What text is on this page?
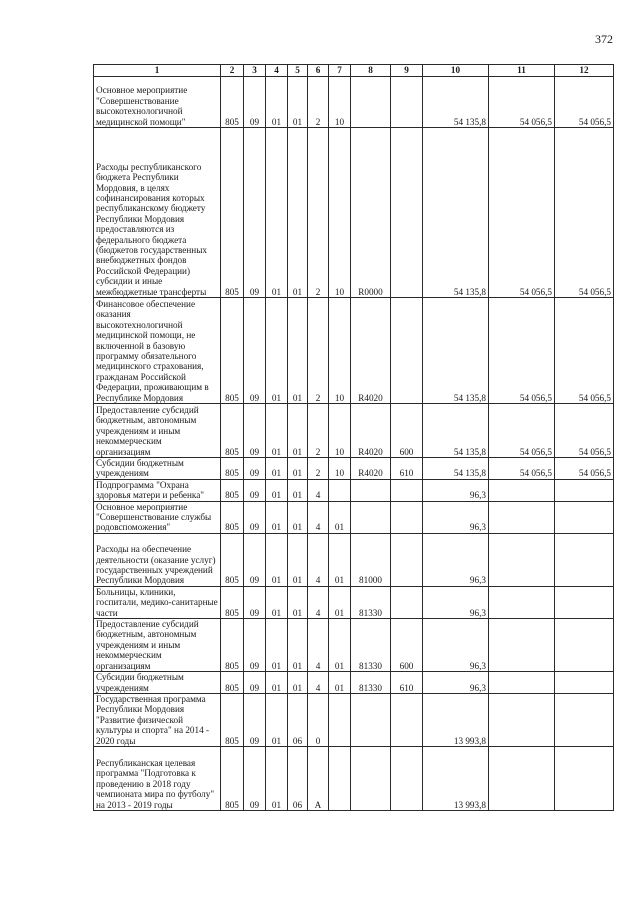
372
1	2	3	4	5	6	7	8	9	10	11	12
Основное мероприятие "Совершенствование высокотехнологичной медицинской помощи"	805	09	01	01	2	10			54 135,8	54 056,5	54 056,5
Расходы республиканского бюджета Республики Мордовия, в целях софинансирования которых республиканскому бюджету Республики Мордовия предоставляются из федерального бюджета (бюджетов государственных внебюджетных фондов Российской Федерации) субсидии и иные межбюджетные трансферты	805	09	01	01	2	10	R0000		54 135,8	54 056,5	54 056,5
Финансовое обеспечение оказания высокотехнологичной медицинской помощи, не включенной в базовую программу обязательного медицинского страхования, гражданам Российской Федерации, проживающим в Республике Мордовия	805	09	01	01	2	10	R4020		54 135,8	54 056,5	54 056,5
Предоставление субсидий бюджетным, автономным учреждениям и иным некоммерческим организациям	805	09	01	01	2	10	R4020	600	54 135,8	54 056,5	54 056,5
Субсидии бюджетным учреждениям	805	09	01	01	2	10	R4020	610	54 135,8	54 056,5	54 056,5
Подпрограмма "Охрана здоровья матери и ребенка"	805	09	01	01	4				96,3		
Основное мероприятие "Совершенствование службы родовспоможения"	805	09	01	01	4	01			96,3		
Расходы на обеспечение деятельности (оказание услуг) государственных учреждений Республики Мордовия	805	09	01	01	4	01	81000		96,3		
Больницы, клиники, госпитали, медико-санитарные части	805	09	01	01	4	01	81330		96,3		
Предоставление субсидий бюджетным, автономным учреждениям и иным некоммерческим организациям	805	09	01	01	4	01	81330	600	96,3		
Субсидии бюджетным учреждениям	805	09	01	01	4	01	81330	610	96,3		
Государственная программа Республики Мордовия "Развитие физической культуры и спорта" на 2014 - 2020 годы	805	09	01	06	0				13 993,8		
Республиканская целевая программа "Подготовка к проведению в 2018 году чемпионата мира по футболу" на 2013 - 2019 годы	805	09	01	06	А				13 993,8		
